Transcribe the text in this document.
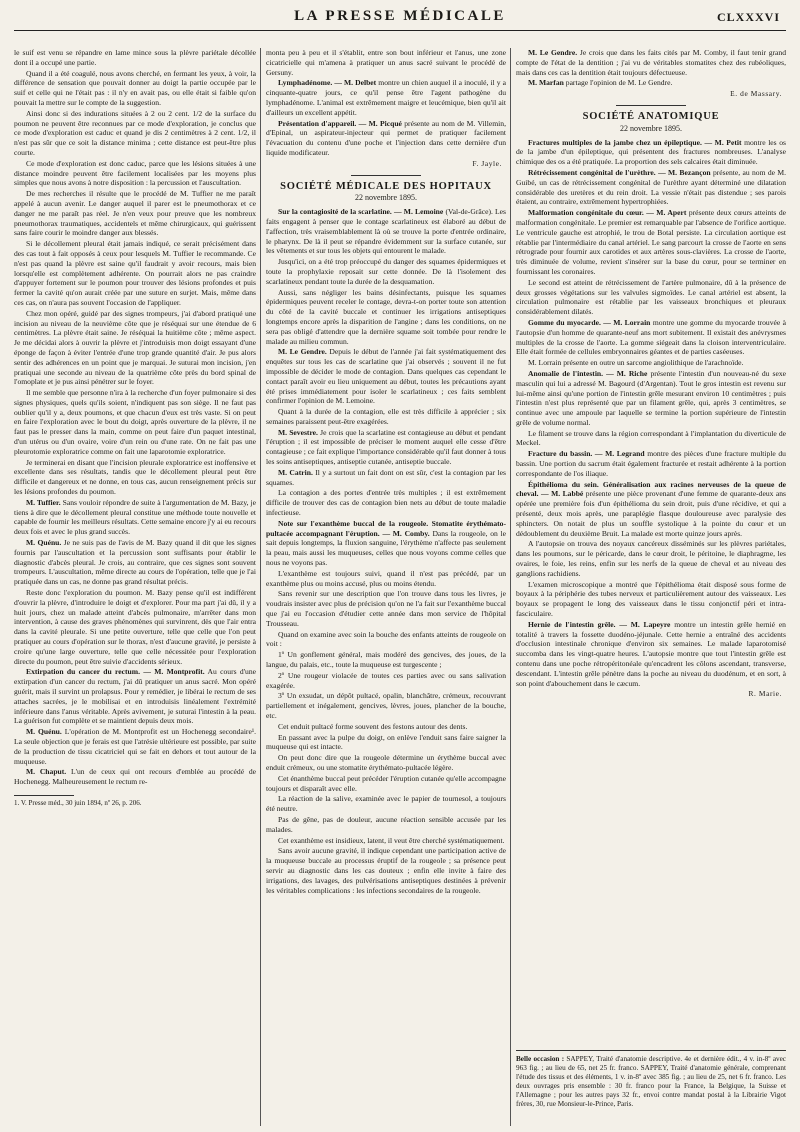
LA PRESSE MÉDICALE	CLXXXVI

le suif est venu se répandre en lame mince sous la plèvre pariétale décollée dont il a occupé une partie.

Quand il a été coagulé, nous avons cherché, en fermant les yeux, à voir, la différence de sensation que pouvait donner au doigt la partie occupée par le suif et celle qui ne l'était pas : il n'y en avait pas, ou elle était si faible qu'on pouvait la mettre sur le compte de la suggestion.

Ainsi donc si des indurations situées à 2 ou 2 cent. 1/2 de la surface du poumon ne peuvent être reconnues par ce mode d'exploration, je conclus que ce mode d'exploration est caduc et quand je dis 2 centimètres à 2 cent. 1/2, il n'est pas sûr que ce soit la distance minima ; cette distance est peut-être plus courte.

Ce mode d'exploration est donc caduc, parce que les lésions situées à une distance moindre peuvent être facilement localisées par les moyens plus simples que nous avons à notre disposition : la percussion et l'auscultation.

De mes recherches il résulte que le procédé de M. Tuffier ne me paraît appelé à aucun avenir. Le danger auquel il parer est le pneumothorax et ce danger ne me paraît pas réel. Je n'en veux pour preuve que les nombreux pneumothorax traumatiques, accidentels et même chirurgicaux, qui guérissent sans faire courir le moindre danger aux blessés.

Si le décollement pleural était jamais indiqué, ce serait précisément dans des cas tout à fait opposés à ceux pour lesquels M. Tuffier le recommande. Ce n'est pas quand la plèvre est saine qu'il faudrait y avoir recours, mais bien lorsqu'elle est complètement adhérente. On pourrait alors ne pas craindre d'appuyer fortement sur le poumon pour trouver des lésions profondes et puis fermer la cavité qu'on aurait créée par une suture en surjet. Mais, même dans ces cas, on n'aura pas souvent l'occasion de l'appliquer.

Chez mon opéré, guidé par des signes trompeurs, j'ai d'abord pratiqué une incision au niveau de la neuvième côte que je réséquai sur une étendue de 6 centimètres. La plèvre était saine. Je réséquai la huitième côte ; même aspect. Je me décidai alors à ouvrir la plèvre et j'introduisis mon doigt essayant d'une éponge de façon à éviter l'entrée d'une trop grande quantité d'air. Je pus alors sentir des adhérences en un point que je marquai. Je suturai mon incision, j'en pratiquai une seconde au niveau de la quatrième côte près du bord spinal de l'omoplate et je pus ainsi pénétrer sur le foyer.

Il me semble que personne n'ira à la recherche d'un foyer pulmonaire si des signes physiques, quels qu'ils soient, n'indiquent pas son siège. Il ne faut pas oublier qu'il y a, deux poumons, et que chacun d'eux est très vaste. Si on peut en faire l'exploration avec le bout du doigt, après ouverture de la plèvre, il ne faut pas le presser dans la main, comme on peut faire d'un paquet intestinal, d'un utérus ou d'un ovaire, voire d'un rein ou d'une rate. On ne fait pas une pleurotomie exploratrice comme on fait une laparotomie exploratrice.

Je terminerai en disant que l'incision pleurale exploratrice est inoffensive et excellente dans ses résultats, tandis que le décollement pleural peut être difficile et dangereux et ne donne, en tous cas, aucun renseignement précis sur les lésions profondes du poumon.

M. Tuffier. Sans vouloir répondre de suite à l'argumentation de M. Bazy, je tiens à dire que le décollement pleural constitue une méthode toute nouvelle et capable de fournir les meilleurs résultats. Cette semaine encore j'y ai eu recours deux fois et avec le plus grand succès.

M. Quénu. Je ne suis pas de l'avis de M. Bazy quand il dit que les signes fournis par l'auscultation et la percussion sont suffisants pour établir le diagnostic d'abcès pleural. Je crois, au contraire, que ces signes sont souvent trompeurs. L'auscultation, même directe au cours de l'opération, telle que je l'ai pratiquée dans un cas, ne donne pas grand résultat précis.

Reste donc l'exploration du poumon. M. Bazy pense qu'il est indifférent d'ouvrir la plèvre, d'introduire le doigt et d'explorer. Pour ma part j'ai dû, il y a huit jours, chez un malade atteint d'abcès pulmonaire, m'arrêter dans mon intervention, à cause des graves phénomènes qui survinrent, dès que l'air entra dans la cavité pleurale. Si une petite ouverture, telle que celle que l'on peut pratiquer au cours d'opération sur le thorax, n'est d'aucune gravité, je persiste à croire qu'une large ouverture, telle que celle nécessitée pour l'exploration directe du poumon, peut être suivie d'accidents sérieux.

Extirpation du cancer du rectum. — M. Montprofit. Au cours d'une extirpation d'un cancer du rectum, j'ai dû pratiquer un anus sacré. Mon opéré guérit, mais il survint un prolapsus. Pour y remédier, je libérai le rectum de ses attaches sacrées, je le mobilisai et en introduisis linéalement l'extrémité inférieure dans l'anus véritable. Après avivement, je suturai l'intestin à la peau. La guérison fut complète et se maintient depuis deux mois.

M. Quénu. L'opération de M. Montprofit est un Hochenegg secondaire¹. La seule objection que je ferais est que l'atrésie ultérieure est possible, par suite de la production de tissu cicatriciel qui se fait en dehors et tout autour de la muqueuse.

M. Chaput. L'un de ceux qui ont recours d'emblée au procédé de Hochenegg. Malheureusement le rectum re-

1. V. Presse méd., 30 juin 1894, nº 26, p. 206.

monta peu à peu et il s'établit, entre son bout inférieur et l'anus, une zone cicatricielle qui m'amena à pratiquer un anus sacré suivant le procédé de Gersuny.

Lymphadénome. — M. Delbet montre un chien auquel il a inoculé, il y a cinquante-quatre jours, ce qu'il pense être l'agent pathogène du lymphadénome. L'animal est extrêmement maigre et leucémique, bien qu'il ait d'ailleurs un excellent appétit.

Présentation d'appareil. — M. Picqué présente au nom de M. Villemin, d'Epinal, un aspirateur-injecteur qui permet de pratiquer facilement l'évacuation du contenu d'une poche et l'injection dans cette dernière d'un liquide modificateur.

F. Jayle.
SOCIÉTÉ MÉDICALE DES HOPITAUX
22 novembre 1895.

Sur la contagiosité de la scarlatine. — M. Lemoine (Val-de-Grâce). Les faits engagent à penser que le contage scarlatineux est élaboré au début de l'affection, très vraisemblablement là où se trouve la porte d'entrée ordinaire, le pharynx. De là il peut se répandre évidemment sur la surface cutanée, sur les vêtements et sur tous les objets qui entourent le malade.

Jusqu'ici, on a été trop préoccupé du danger des squames épidermiques et toute la prophylaxie reposait sur cette donnée. De là l'isolement des scarlatineux pendant toute la durée de la desquamation.

Aussi, sans négliger les bains désinfectants, puisque les squames épidermiques peuvent receler le contage, devra-t-on porter toute son attention du côté de la cavité buccale et continuer les irrigations antiseptiques longtemps encore après la disparition de l'angine ; dans les conditions, on ne sera pas obligé d'attendre que la dernière squame soit tombée pour rendre le malade au milieu commun.

M. Le Gendre. Depuis le début de l'année j'ai fait systématiquement des enquêtes sur tous les cas de scarlatine que j'ai observés ; souvent il ne fut impossible de décider le mode de contagion. Dans quelques cas cependant le contact paraît avoir eu lieu uniquement au début, toutes les précautions ayant été prises immédiatement pour isoler le scarlatineux ; ces faits semblent confirmer l'opinion de M. Lemoine.

Quant à la durée de la contagion, elle est très difficile à apprécier ; six semaines paraissent peut-être exagérées.

M. Sevestre. Je crois que la scarlatine est contagieuse au début et pendant l'éruption ; il est impossible de préciser le moment auquel elle cesse d'être contagieuse ; ce fait explique l'importance considérable qu'il faut donner à tous les soins antiseptiques, antiseptie cutanée, antiseptie buccale.

M. Catrin. Il y a surtout un fait dont on est sûr, c'est la contagion par les squames.

La contagion a des portes d'entrée très multiples ; il est extrêmement difficile de trouver des cas de contagion bien nets au début de toute maladie infectieuse.

Note sur l'exanthème buccal de la rougeole. Stomatite érythémato-pultacée accompagnant l'éruption. — M. Comby. Dans la rougeole, on le sait depuis longtemps, la fluxion sanguine, l'érythème n'affecte pas seulement la peau, mais aussi les muqueuses, celles que nous voyons comme celles que nous ne voyons pas.

L'exanthème est toujours suivi, quand il n'est pas précédé, par un exanthème plus ou moins accusé, plus ou moins étendu.

Sans revenir sur une description que l'on trouve dans tous les livres, je voudrais insister avec plus de précision qu'on ne l'a fait sur l'exanthème buccal que j'ai eu l'occasion d'étudier cette année dans mon service de l'hôpital Trousseau.

Quand on examine avec soin la bouche des enfants atteints de rougeole on voit :

1º Un gonflement général, mais modéré des gencives, des joues, de la langue, du palais, etc., toute la muqueuse est turgescente ;

2º Une rougeur violacée de toutes ces parties avec ou sans salivation exagérée.

3º Un exsudat, un dépôt pultacé, opalin, blanchâtre, crémeux, recouvrant partiellement et inégalement, gencives, lèvres, joues, plancher de la bouche, etc.

Cet enduit pultacé forme souvent des festons autour des dents.

En passant avec la pulpe du doigt, on enlève l'enduit sans faire saigner la muqueuse qui est intacte.

On peut donc dire que la rougeole détermine un érythème buccal avec enduit crémeux, ou une stomatite érythémato-pultacée légère.

Cet énanthème buccal peut précéder l'éruption cutanée qu'elle accompagne toujours et disparaît avec elle.

La réaction de la salive, examinée avec le papier de tournesol, a toujours été neutre.

Pas de gêne, pas de douleur, aucune réaction sensible accusée par les malades.

Cet exanthème est insidieux, latent, il veut être cherché systématiquement.

Sans avoir aucune gravité, il indique cependant une participation active de la muqueuse buccale au processus éruptif de la rougeole ; sa présence peut servir au diagnostic dans les cas douteux ; enfin elle invite à faire des irrigations, des lavages, des pulvérisations antiseptiques destinées à prévenir les véritables complications : les infections secondaires de la rougeole.

M. Le Gendre. Je crois que dans les faits cités par M. Comby, il faut tenir grand compte de l'état de la dentition ; j'ai vu de véritables stomatites chez des rubéoliques, mais dans ces cas la dentition était toujours défectueuse.

M. Marfan partage l'opinion de M. Le Gendre.

E. de Massary.
SOCIÉTÉ ANATOMIQUE
22 novembre 1895.

Fractures multiples de la jambe chez un épileptique. — M. Petit montre les os de la jambe d'un épileptique, qui présentent des fractures nombreuses. L'analyse chimique des os a été pratiquée. La proportion des sels calcaires était diminuée.

Rétrécissement congénital de l'urèthre. — M. Bezançon présente, au nom de M. Guibé, un cas de rétrécissement congénital de l'urèthre ayant déterminé une dilatation considérable des uretères et du rein droit. La vessie n'était pas distendue ; ses parois étaient, au contraire, extrêmement hypertrophiées.

Malformation congénitale du cœur. — M. Apert présente deux cœurs atteints de malformation congénitale. Le premier est remarquable par l'absence de l'orifice aortique. Le ventricule gauche est atrophié, le trou de Botal persiste. La circulation aortique est rétablie par l'intermédiaire du canal artériel. Le sang parcourt la crosse de l'aorte en sens rétrograde pour fournir aux carotides et aux artères sous-clavières. La crosse de l'aorte, très diminuée de volume, revient s'insérer sur la base du cœur, pour se terminer en fournissant les coronaires.

Le second est atteint de rétrécissement de l'artère pulmonaire, dû à la présence de deux grosses végétations sur les valvules sigmoïdes. Le canal artériel est absent, la circulation pulmonaire est rétablie par les vaisseaux bronchiques et pleuraux considérablement dilatés.

Gomme du myocarde. — M. Lorrain montre une gomme du myocarde trouvée à l'autopsie d'un homme de quarante-neuf ans mort subitement. Il existait des anévrysmes multiples de la crosse de l'aorte. La gomme siégeait dans la cloison interventriculaire. Elle était formée de cellules embryonnaires géantes et de parties caséeuses.

M. Lorrain présente en outre un sarcome angiolithique de l'arachnoïde.

Anomalie de l'intestin. — M. Riche présente l'intestin d'un nouveau-né du sexe masculin qui lui a adressé M. Bagourd (d'Argentan). Tout le gros intestin est revenu sur lui-même ainsi qu'une portion de l'intestin grêle mesurant environ 10 centimètres ; puis l'intestin n'est plus représenté que par un filament grêle, qui, après 3 centimètres, se continue avec une ampoule par laquelle se termine la portion supérieure de l'intestin grêle de volume normal.

Le filament se trouve dans la région correspondant à l'implantation du diverticule de Meckel.

Fracture du bassin. — M. Legrand montre des pièces d'une fracture multiple du bassin. Une portion du sacrum était également fracturée et restait adhérente à la portion correspondante de l'os iliaque.

Épithélioma du sein. Généralisation aux racines nerveuses de la queue de cheval. — M. Labbé présente une pièce provenant d'une femme de quarante-deux ans opérée une première fois d'un épithélioma du sein droit, puis d'une récidive, et qui a présenté, deux mois après, une paraplégie flasque douloureuse avec paralysie des sphincters. On notait de plus un souffle systolique à la pointe du cœur et un dédoublement du deuxième Bruit. La malade est morte quinze jours après.

A l'autopsie on trouva des noyaux cancéreux disséminés sur les plèvres pariétales, dans les poumons, sur le péricarde, dans le cœur droit, le péritoine, le diaphragme, les ovaires, le foie, les reins, enfin sur les nerfs de la queue de cheval et au niveau des ganglions rachidiens.

L'examen microscopique a montré que l'épithélioma était disposé sous forme de boyaux à la périphérie des tubes nerveux et particulièrement autour des vaisseaux. Les boyaux se propagent le long des vaisseaux dans le tissu conjonctif péri et intra-fasciculaire.

Hernie de l'intestin grêle. — M. Lapeyre montre un intestin grêle hernié en totalité à travers la fossette duodéno-jéjunale. Cette hernie a entraîné des accidents d'occlusion intestinale chronique d'environ six semaines. Le malade laparotomisé succomba dans les vingt-quatre heures. L'autopsie montre que tout l'intestin grêle est contenu dans une poche rétropéritonéale qu'encadrent les côlons ascendant, transverse, descendant. L'intestin grêle pénètre dans la poche au niveau du duodénum, et en sort, à son point d'abouchement dans le cæcum.

R. Marie.
Belle occasion : SAPPEY, Traité d'anatomie descriptive. 4e et dernière édit., 4 v. in-8º avec 963 fig. ; au lieu de 65, net 25 fr. franco. SAPPEY, Traité d'anatomie générale, comprenant l'étude des tissus et des éléments, 1 v. in-8º avec 385 fig. ; au lieu de 25, net 6 fr. franco. Les deux ouvrages pris ensemble : 30 fr. franco pour la France, la Belgique, la Suisse et l'Allemagne ; pour les autres pays 32 fr., envoi contre mandat postal à la Librairie Vigot frères, 30, rue Monsieur-le-Prince, Paris.
